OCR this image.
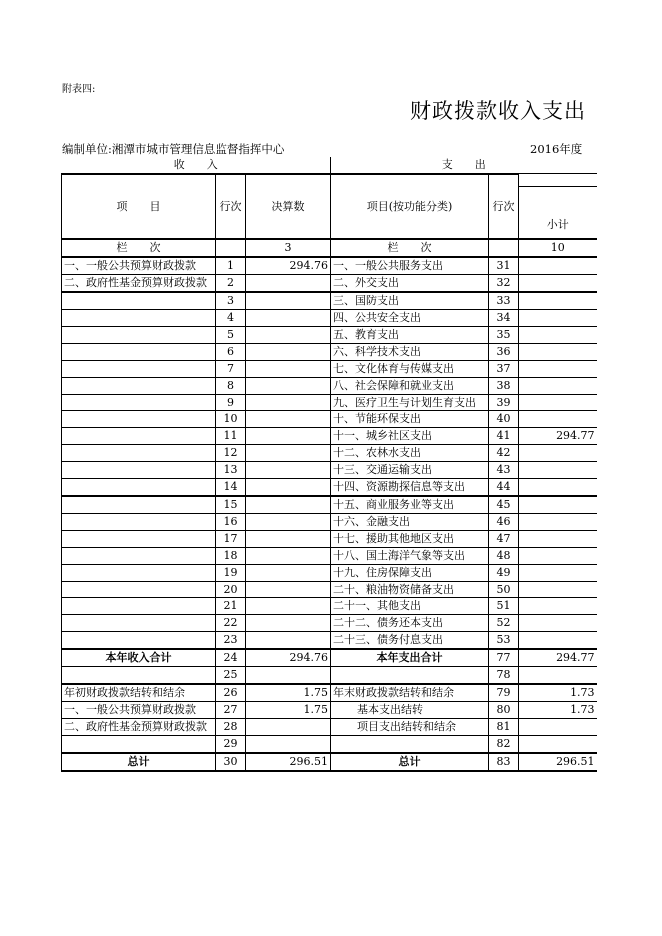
附表四:
财政拨款收入支出
编制单位:湘潭市城市管理信息监督指挥中心	2016年度
收　　入			支　　出		
项　　目	行次	决算数	项目(按功能分类)	行次	小计
栏　　次		3	栏　　次		10
一、一般公共预算财政拨款	1	294.76	一、一般公共服务支出	31	
二、政府性基金预算财政拨款	2		二、外交支出	32	
	3		三、国防支出	33	
	4		四、公共安全支出	34	
	5		五、教育支出	35	
	6		六、科学技术支出	36	
	7		七、文化体育与传媒支出	37	
	8		八、社会保障和就业支出	38	
	9		九、医疗卫生与计划生育支出	39	
	10		十、节能环保支出	40	
	11		十一、城乡社区支出	41	294.77
	12		十二、农林水支出	42	
	13		十三、交通运输支出	43	
	14		十四、资源勘探信息等支出	44	
	15		十五、商业服务业等支出	45	
	16		十六、金融支出	46	
	17		十七、援助其他地区支出	47	
	18		十八、国土海洋气象等支出	48	
	19		十九、住房保障支出	49	
	20		二十、粮油物资储备支出	50	
	21		二十一、其他支出	51	
	22		二十二、债务还本支出	52	
	23		二十三、债务付息支出	53	
本年收入合计	24	294.76	本年支出合计	77	294.77
	25			78	
年初财政拨款结转和结余	26	1.75	年末财政拨款结转和结余	79	1.73
一、一般公共预算财政拨款	27	1.75	基本支出结转	80	1.73
二、政府性基金预算财政拨款	28		项目支出结转和结余	81	
	29			82	
总计	30	296.51	总计	83	296.51
